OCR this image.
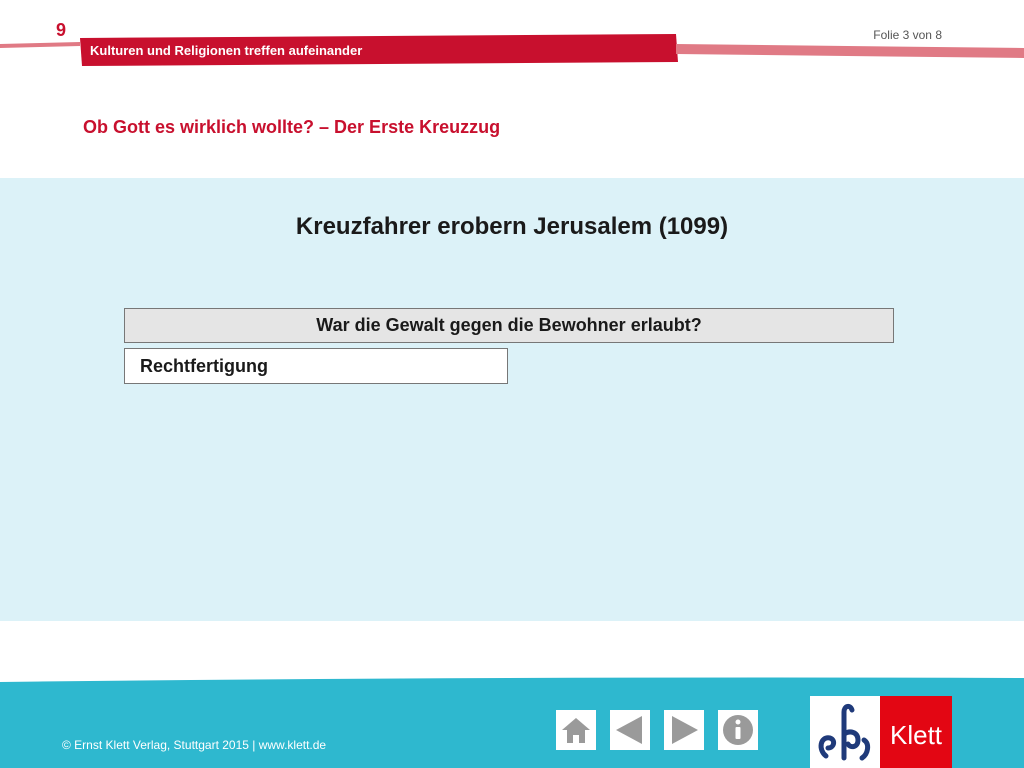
9	Folie 3 von 8
Kulturen und Religionen treffen aufeinander
Ob Gott es wirklich wollte? – Der Erste Kreuzzug
Kreuzfahrer erobern Jerusalem (1099)
War die Gewalt gegen die Bewohner erlaubt?
Rechtfertigung
© Ernst Klett Verlag, Stuttgart 2015 | www.klett.de	Klett
